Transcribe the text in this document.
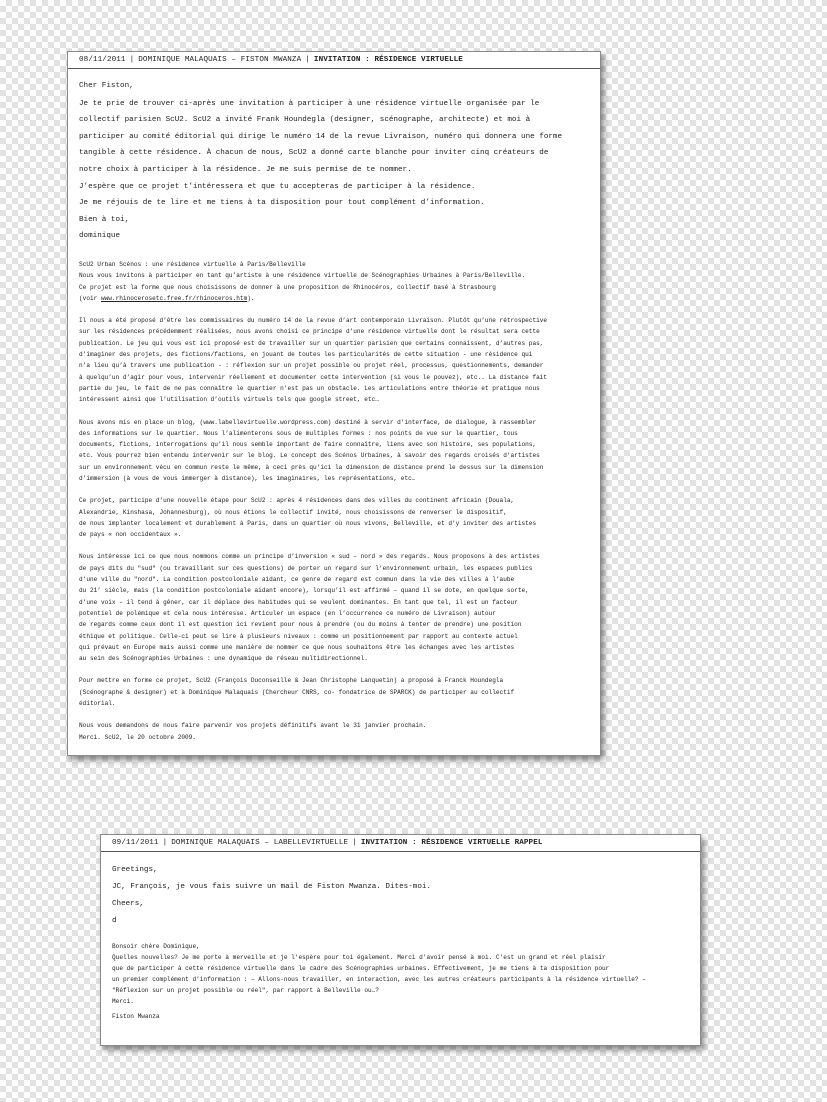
08/11/2011 | DOMINIQUE MALAQUAIS – FISTON MWANZA | INVITATION : RÉSIDENCE VIRTUELLE

Cher Fiston,

Je te prie de trouver ci-après une invitation à participer à une résidence virtuelle organisée par le

collectif parisien ScU2. ScU2 a invité Frank Houndegla (designer, scénographe, architecte) et moi à

participer au comité éditorial qui dirige le numéro 14 de la revue Livraison, numéro qui donnera une forme

tangible à cette résidence. À chacun de nous, ScU2 a donné carte blanche pour inviter cinq créateurs de

notre choix à participer à la résidence. Je me suis permise de te nommer.

J’espère que ce projet t’intéressera et que tu accepteras de participer à la résidence.

Je me réjouis de te lire et me tiens à ta disposition pour tout complément d’information.

Bien à toi,

dominique

ScU2 Urban Scénos : une résidence virtuelle à Paris/Belleville

Nous vous invitons à participer en tant qu’artiste à une résidence virtuelle de Scénographies Urbaines à Paris/Belleville.

Ce projet est la forme que nous choisissons de donner à une proposition de Rhinocéros, collectif basé à Strasbourg

(voir www.rhinocerosetc.free.fr/rhinoceros.htm).

Il nous a été proposé d’être les commissaires du numéro 14 de la revue d’art contemporain Livraison. Plutôt qu’une rétrospective

sur les résidences précédemment réalisées, nous avons choisi ce principe d’une résidence virtuelle dont le résultat sera cette

publication. Le jeu qui vous est ici proposé est de travailler sur un quartier parisien que certains connaissent, d’autres pas,

d’imaginer des projets, des fictions/factions, en jouant de toutes les particularités de cette situation - une résidence qui

n’a lieu qu’à travers une publication - : réflexion sur un projet possible ou projet réel, processus, questionnements, demander

à quelqu’un d’agir pour vous, intervenir réellement et documenter cette intervention (si vous le pouvez), etc.. La distance fait

partie du jeu, le fait de ne pas connaître le quartier n’est pas un obstacle. Les articulations entre théorie et pratique nous

intéressent ainsi que l’utilisation d’outils virtuels tels que google street, etc…

Nous avons mis en place un blog, (www.labellevirtuelle.wordpress.com) destiné à servir d’interface, de dialogue, à rassembler

des informations sur le quartier. Nous l’alimenterons sous de multiples formes : nos points de vue sur le quartier, tous

documents, fictions, interrogations qu’il nous semble important de faire connaître, liens avec son histoire, ses populations,

etc. Vous pourrez bien entendu intervenir sur le blog. Le concept des Scénos Urbaines, à savoir des regards croisés d’artistes

sur un environnement vécu en commun reste le même, à ceci près qu’ici la dimension de distance prend le dessus sur la dimension

d’immersion (à vous de vous immerger à distance), les imaginaires, les représentations, etc…

Ce projet, participe d’une nouvelle étape pour ScU2 : après 4 résidences dans des villes du continent africain (Douala,

Alexandrie, Kinshasa, Johannesburg), où nous étions le collectif invité, nous choisissons de renverser le dispositif,

de nous implanter localement et durablement à Paris, dans un quartier où nous vivons, Belleville, et d’y inviter des artistes

de pays « non occidentaux ».

Nous intéresse ici ce que nous nommons comme un principe d’inversion « sud – nord » des regards. Nous proposons à des artistes

de pays dits du "sud" (ou travaillant sur ces questions) de porter un regard sur l’environnement urbain, les espaces publics

d’une ville du "nord". La condition postcoloniale aidant, ce genre de regard est commun dans la vie des villes à l’aube

du 21’ siècle, mais (la condition postcoloniale aidant encore), lorsqu’il est affirmé – quand il se dote, en quelque sorte,

d’une voix – il tend à gêner, car il déplace des habitudes qui se veulent dominantes. En tant que tel, il est un facteur

potentiel de polémique et cela nous intéresse. Articuler un espace (en l’occurrence ce numéro de Livraison) autour

de regards comme ceux dont il est question ici revient pour nous à prendre (ou du moins à tenter de prendre) une position

éthique et politique. Celle-ci peut se lire à plusieurs niveaux : comme un positionnement par rapport au contexte actuel

qui prévaut en Europe mais aussi comme une manière de nommer ce que nous souhaitons être les échanges avec les artistes

au sein des Scénographies Urbaines : une dynamique de réseau multidirectionnel.

Pour mettre en forme ce projet, ScU2 (François Duconseille & Jean Christophe Lanquetin) a proposé à Franck Houndegla

(Scénographe & designer) et à Dominique Malaquais (Chercheur CNRS, co- fondatrice de SPARCK) de participer au collectif

éditorial.

Nous vous demandons de nous faire parvenir vos projets définitifs avant le 31 janvier prochain.

Merci. ScU2, le 20 octobre 2009.

09/11/2011 | DOMINIQUE MALAQUAIS – LABELLEVIRTUELLE | INVITATION : RÉSIDENCE VIRTUELLE RAPPEL

Greetings,

JC, François, je vous fais suivre un mail de Fiston Mwanza. Dites-moi.

Cheers,

d

Bonsoir chère Dominique,

Quelles nouvelles? Je me porte à merveille et je l’espère pour toi également. Merci d’avoir pensé à moi. C’est un grand et réel plaisir

que de participer à cette résidence virtuelle dans le cadre des Scénographies urbaines. Effectivement, je me tiens à ta disposition pour

un premier complément d’information : – Allons-nous travailler, en interaction, avec les autres créateurs participants à la résidence virtuelle? –

"Réflexion sur un projet possible ou réel", par rapport à Belleville ou…?

Merci.

Fiston Mwanza
